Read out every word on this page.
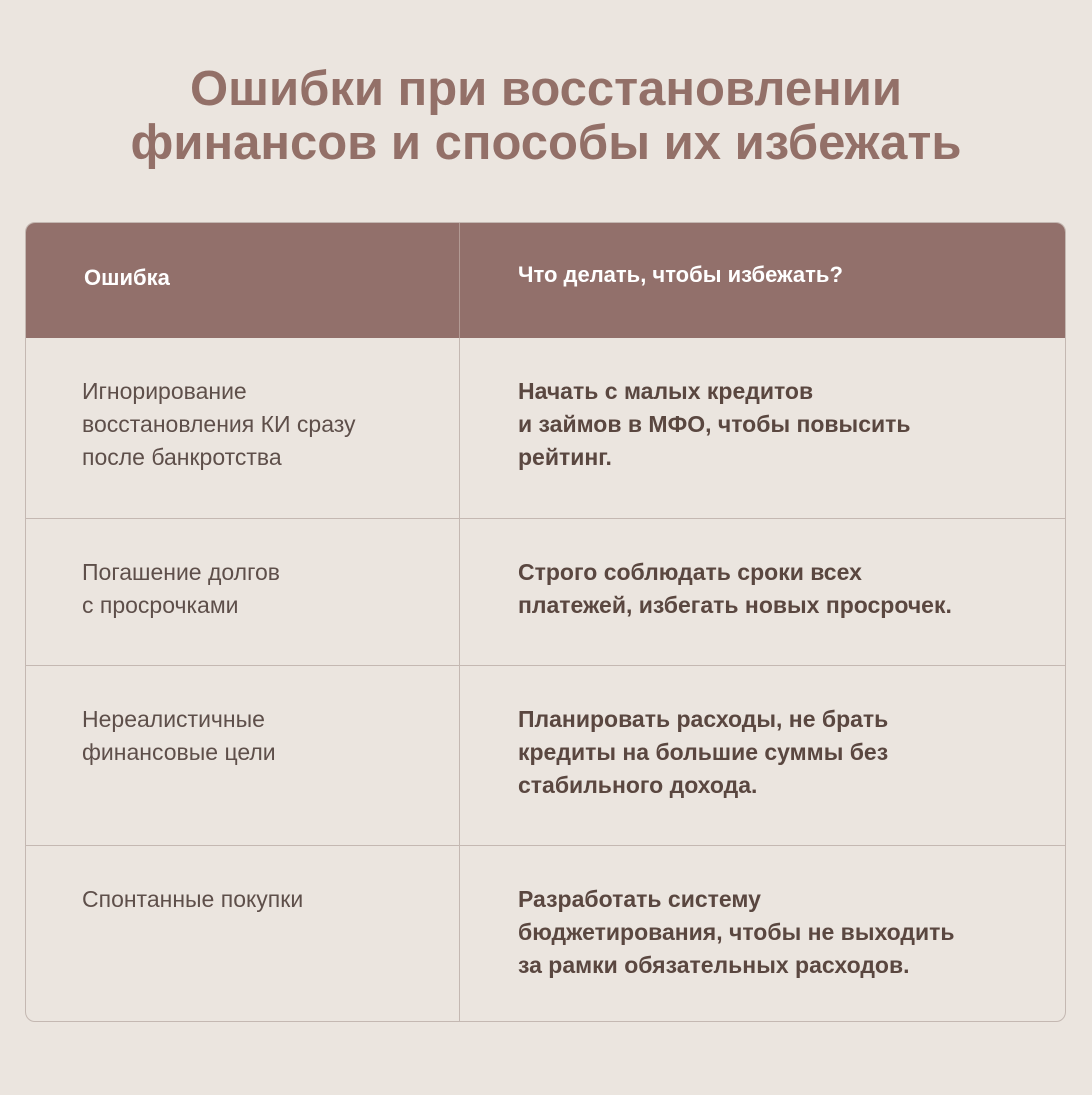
Ошибки при восстановлении
финансов и способы их избежать
Ошибка	Что делать, чтобы избежать?
Игнорирование
восстановления КИ сразу
после банкротства
Начать с малых кредитов
и займов в МФО, чтобы повысить
рейтинг.
Погашение долгов
с просрочками
Строго соблюдать сроки всех
платежей, избегать новых просрочек.
Нереалистичные
финансовые цели
Планировать расходы, не брать
кредиты на большие суммы без
стабильного дохода.
Спонтанные покупки	Разработать систему
бюджетирования, чтобы не выходить
за рамки обязательных расходов.
